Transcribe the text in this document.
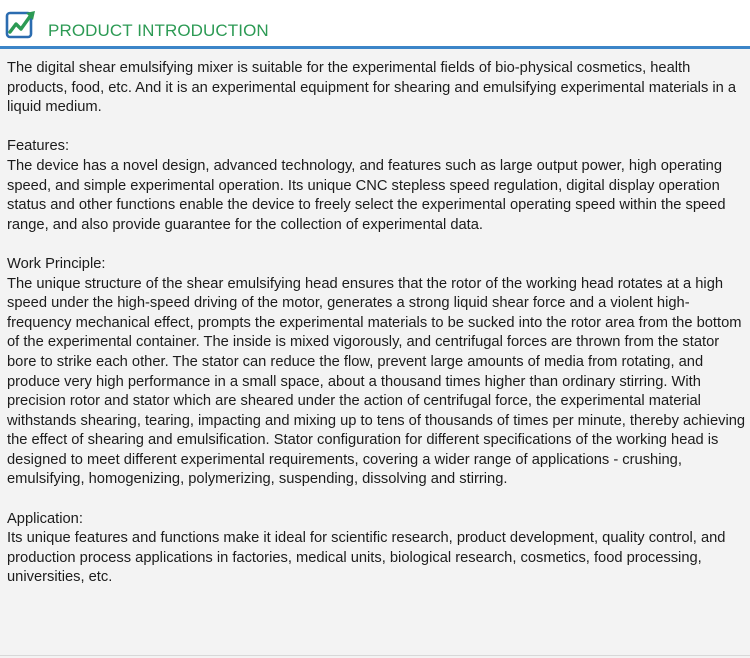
PRODUCT INTRODUCTION

The digital shear emulsifying mixer is suitable for the experimental fields of bio-physical cosmetics, health products, food, etc. And it is an experimental equipment for shearing and emulsifying experimental materials in a liquid medium.

Features:
The device has a novel design, advanced technology, and features such as large output power, high operating speed, and simple experimental operation. Its unique CNC stepless speed regulation, digital display operation status and other functions enable the device to freely select the experimental operating speed within the speed range, and also provide guarantee for the collection of experimental data.

Work Principle:
The unique structure of the shear emulsifying head ensures that the rotor of the working head rotates at a high speed under the high-speed driving of the motor, generates a strong liquid shear force and a violent high-frequency mechanical effect, prompts the experimental materials to be sucked into the rotor area from the bottom of the experimental container. The inside is mixed vigorously, and centrifugal forces are thrown from the stator bore to strike each other. The stator can reduce the flow, prevent large amounts of media from rotating, and produce very high performance in a small space, about a thousand times higher than ordinary stirring. With precision rotor and stator which are sheared under the action of centrifugal force, the experimental material withstands shearing, tearing, impacting and mixing up to tens of thousands of times per minute, thereby achieving the effect of shearing and emulsification. Stator configuration for different specifications of the working head is designed to meet different experimental requirements, covering a wider range of applications - crushing, emulsifying, homogenizing, polymerizing, suspending, dissolving and stirring.

Application:
Its unique features and functions make it ideal for scientific research, product development, quality control, and production process applications in factories, medical units, biological research, cosmetics, food processing, universities, etc.
